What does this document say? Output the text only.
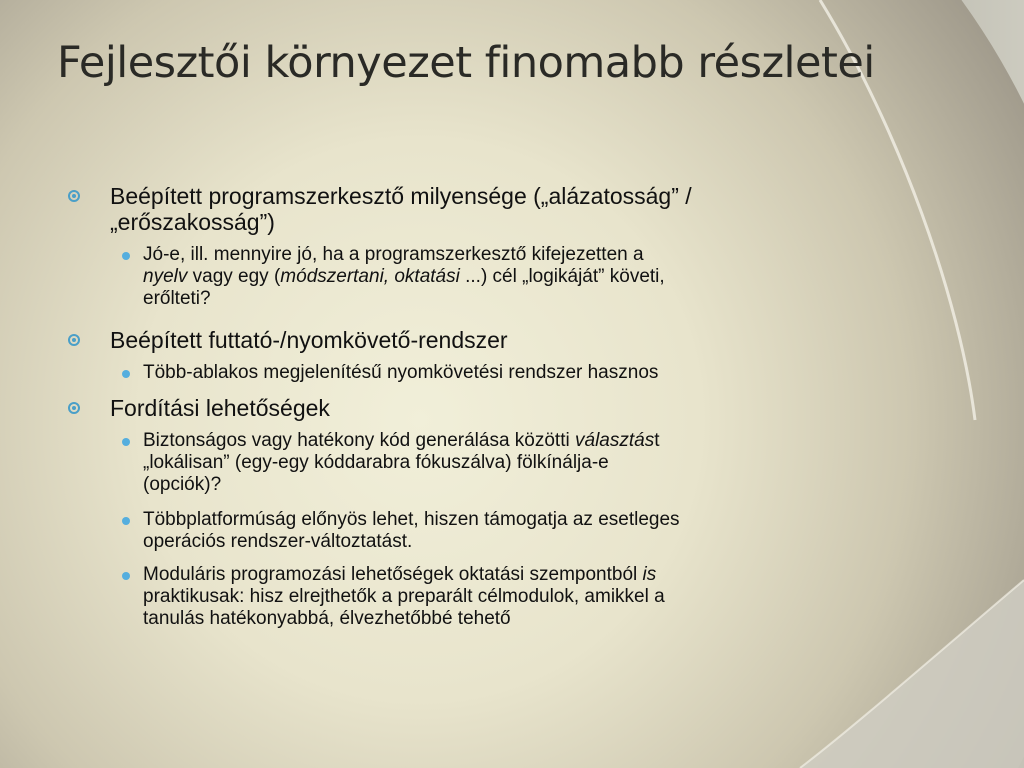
Fejlesztői környezet finomabb részletei
Beépített programszerkesztő milyensége („alázatosság” /
„erőszakosság”)
Jó-e, ill. mennyire jó, ha a programszerkesztő kifejezetten a
nyelv vagy egy (módszertani, oktatási ...) cél „logikáját” követi,
erőlteti?
Beépített futtató-/nyomkövető-rendszer
Több-ablakos megjelenítésű nyomkövetési rendszer hasznos
Fordítási lehetőségek
Biztonságos vagy hatékony kód generálása közötti választást
„lokálisan” (egy-egy kóddarabra fókuszálva) fölkínálja-e
(opciók)?
Többplatformúság előnyös lehet, hiszen támogatja az esetleges
operációs rendszer-változtatást.
Moduláris programozási lehetőségek oktatási szempontból is
praktikusak: hisz elrejthetők a preparált célmodulok, amikkel a
tanulás hatékonyabbá, élvezhetőbbé tehető
